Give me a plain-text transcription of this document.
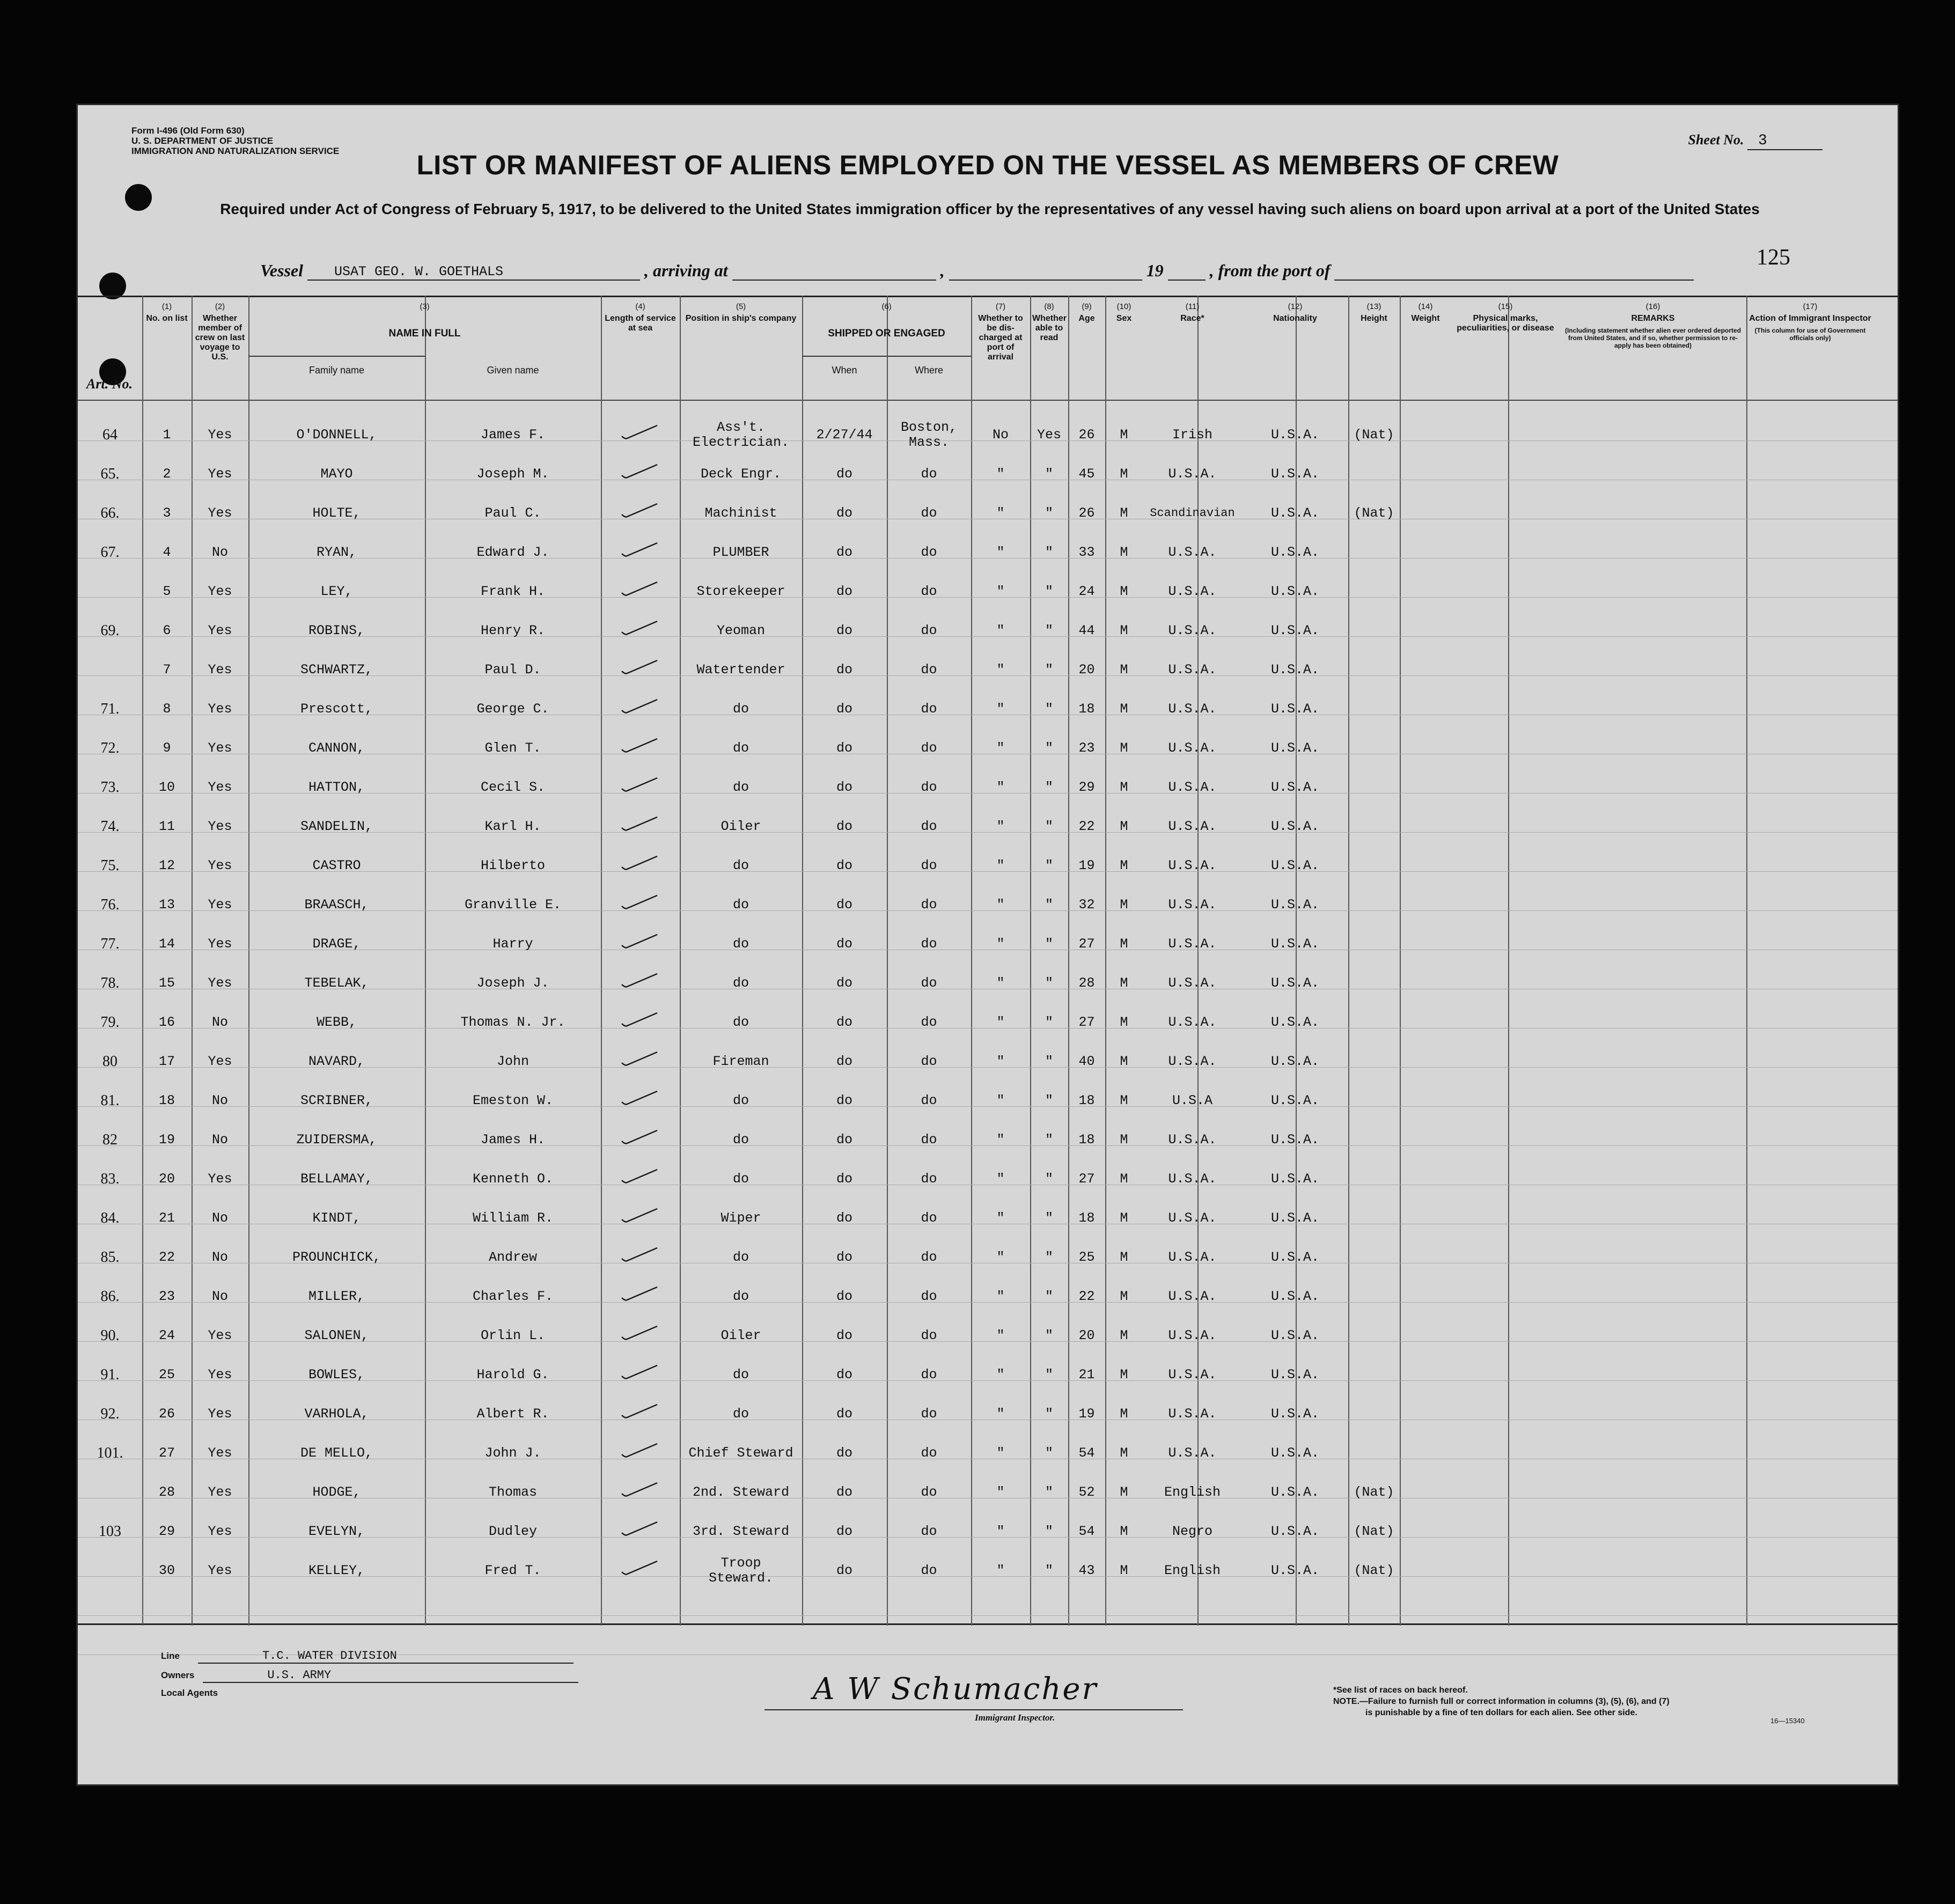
Form I-496 (Old Form 630)
U. S. DEPARTMENT OF JUSTICE
IMMIGRATION AND NATURALIZATION SERVICE
Sheet No. 3
LIST OR MANIFEST OF ALIENS EMPLOYED ON THE VESSEL AS MEMBERS OF CREW
Required under Act of Congress of February 5, 1917, to be delivered to the United States immigration officer by the representatives of any vessel having such aliens on board upon arrival at a port of the United States
125
Vessel USAT GEO. W. GOETHALS	, arriving at	,	19	, from the port of
(1)
No. on list
(2)
Whether member of crew on last voyage to U.S.
(3)
NAME IN FULL
(4)
Length of service at sea
(5)
Position in ship's company
(6)
SHIPPED OR ENGAGED
(7)
Whether to be dis-charged at port of arrival
(8)
Whether able to read
(9)
Age
(10)
Sex
(11)
Race*
(12)
Nationality
(13)
Height
(14)
Weight
(15)
Physical marks, peculiarities, or disease
(16)
REMARKS
(Including statement whether alien ever ordered deported from United States, and if so, whether permission to re-apply has been obtained)
(17)
Action of Immigrant Inspector
(This column for use of Government officials only)
Family name	Given name	When	Where
Art. No.
64	1	Yes	O'DONNELL,	James F.	Ass't.
Electrician.	2/27/44	Boston,
Mass.	No	Yes	26	M	Irish	U.S.A.	(Nat)
65.	2	Yes	MAYO	Joseph M.	Deck Engr.	do	do	"	"	45	M	U.S.A.	U.S.A.
66.	3	Yes	HOLTE,	Paul C.	Machinist	do	do	"	"	26	M	Scandinavian	U.S.A.	(Nat)
67.	4	No	RYAN,	Edward J.	PLUMBER	do	do	"	"	33	M	U.S.A.	U.S.A.
5	Yes	LEY,	Frank H.	Storekeeper	do	do	"	"	24	M	U.S.A.	U.S.A.
69.	6	Yes	ROBINS,	Henry R.	Yeoman	do	do	"	"	44	M	U.S.A.	U.S.A.
7	Yes	SCHWARTZ,	Paul D.	Watertender	do	do	"	"	20	M	U.S.A.	U.S.A.
71.	8	Yes	Prescott,	George C.	do	do	do	"	"	18	M	U.S.A.	U.S.A.
72.	9	Yes	CANNON,	Glen T.	do	do	do	"	"	23	M	U.S.A.	U.S.A.
73.	10	Yes	HATTON,	Cecil S.	do	do	do	"	"	29	M	U.S.A.	U.S.A.
74.	11	Yes	SANDELIN,	Karl H.	Oiler	do	do	"	"	22	M	U.S.A.	U.S.A.
75.	12	Yes	CASTRO	Hilberto	do	do	do	"	"	19	M	U.S.A.	U.S.A.
76.	13	Yes	BRAASCH,	Granville E.	do	do	do	"	"	32	M	U.S.A.	U.S.A.
77.	14	Yes	DRAGE,	Harry	do	do	do	"	"	27	M	U.S.A.	U.S.A.
78.	15	Yes	TEBELAK,	Joseph J.	do	do	do	"	"	28	M	U.S.A.	U.S.A.
79.	16	No	WEBB,	Thomas N. Jr.	do	do	do	"	"	27	M	U.S.A.	U.S.A.
80	17	Yes	NAVARD,	John	Fireman	do	do	"	"	40	M	U.S.A.	U.S.A.
81.	18	No	SCRIBNER,	Emeston W.	do	do	do	"	"	18	M	U.S.A	U.S.A.
82	19	No	ZUIDERSMA,	James H.	do	do	do	"	"	18	M	U.S.A.	U.S.A.
83.	20	Yes	BELLAMAY,	Kenneth O.	do	do	do	"	"	27	M	U.S.A.	U.S.A.
84.	21	No	KINDT,	William R.	Wiper	do	do	"	"	18	M	U.S.A.	U.S.A.
85.	22	No	PROUNCHICK,	Andrew	do	do	do	"	"	25	M	U.S.A.	U.S.A.
86.	23	No	MILLER,	Charles F.	do	do	do	"	"	22	M	U.S.A.	U.S.A.
90.	24	Yes	SALONEN,	Orlin L.	Oiler	do	do	"	"	20	M	U.S.A.	U.S.A.
91.	25	Yes	BOWLES,	Harold G.	do	do	do	"	"	21	M	U.S.A.	U.S.A.
92.	26	Yes	VARHOLA,	Albert R.	do	do	do	"	"	19	M	U.S.A.	U.S.A.
101.	27	Yes	DE MELLO,	John J.	Chief Steward	do	do	"	"	54	M	U.S.A.	U.S.A.
28	Yes	HODGE,	Thomas	2nd. Steward	do	do	"	"	52	M	English	U.S.A.	(Nat)
103	29	Yes	EVELYN,	Dudley	3rd. Steward	do	do	"	"	54	M	Negro	U.S.A.	(Nat)
30	Yes	KELLEY,	Fred T.	Troop
Steward.	do	do	"	"	43	M	English	U.S.A.	(Nat)
Line	T.C. WATER DIVISION
Owners	U.S. ARMY
Local Agents	A W Schumacher
Immigrant Inspector.
*See list of races on back hereof.
NOTE.—Failure to furnish full or correct information in columns (3), (5), (6), and (7)
is punishable by a fine of ten dollars for each alien. See other side.
16—15340
